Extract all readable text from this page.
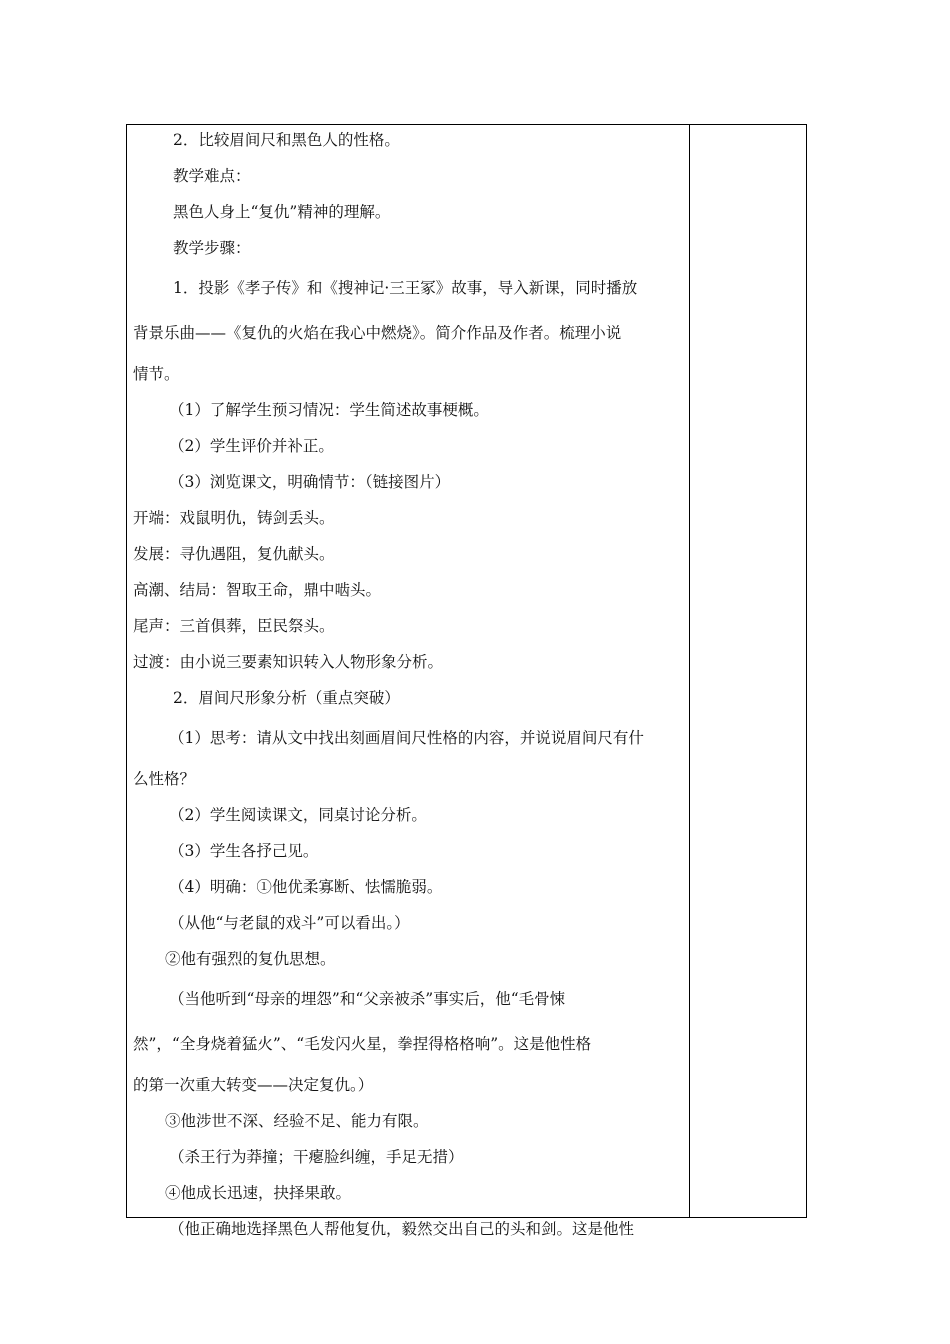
2．比较眉间尺和黑色人的性格。
教学难点：
黑色人身上“复仇”精神的理解。
教学步骤：
1．投影《孝子传》和《搜神记·三王冢》故事，导入新课，同时播放
背景乐曲——《复仇的火焰在我心中燃烧》。简介作品及作者。梳理小说
情节。
（1）了解学生预习情况：学生简述故事梗概。
（2）学生评价并补正。
（3）浏览课文，明确情节：（链接图片）
开端：戏鼠明仇，铸剑丢头。
发展：寻仇遇阻，复仇献头。
高潮、结局：智取王命，鼎中啮头。
尾声：三首俱葬，臣民祭头。
过渡：由小说三要素知识转入人物形象分析。
2．眉间尺形象分析（重点突破）
（1）思考：请从文中找出刻画眉间尺性格的内容，并说说眉间尺有什
么性格？
（2）学生阅读课文，同桌讨论分析。
（3）学生各抒己见。
（4）明确：①他优柔寡断、怯懦脆弱。
（从他“与老鼠的戏斗”可以看出。）
②他有强烈的复仇思想。
（当他听到“母亲的埋怨”和“父亲被杀”事实后，他“毛骨悚
然”，“全身烧着猛火”、“毛发闪火星，拳捏得格格响”。这是他性格
的第一次重大转变——决定复仇。）
③他涉世不深、经验不足、能力有限。
（杀王行为莽撞；干瘪脸纠缠，手足无措）
④他成长迅速，抉择果敢。
（他正确地选择黑色人帮他复仇，毅然交出自己的头和剑。这是他性
